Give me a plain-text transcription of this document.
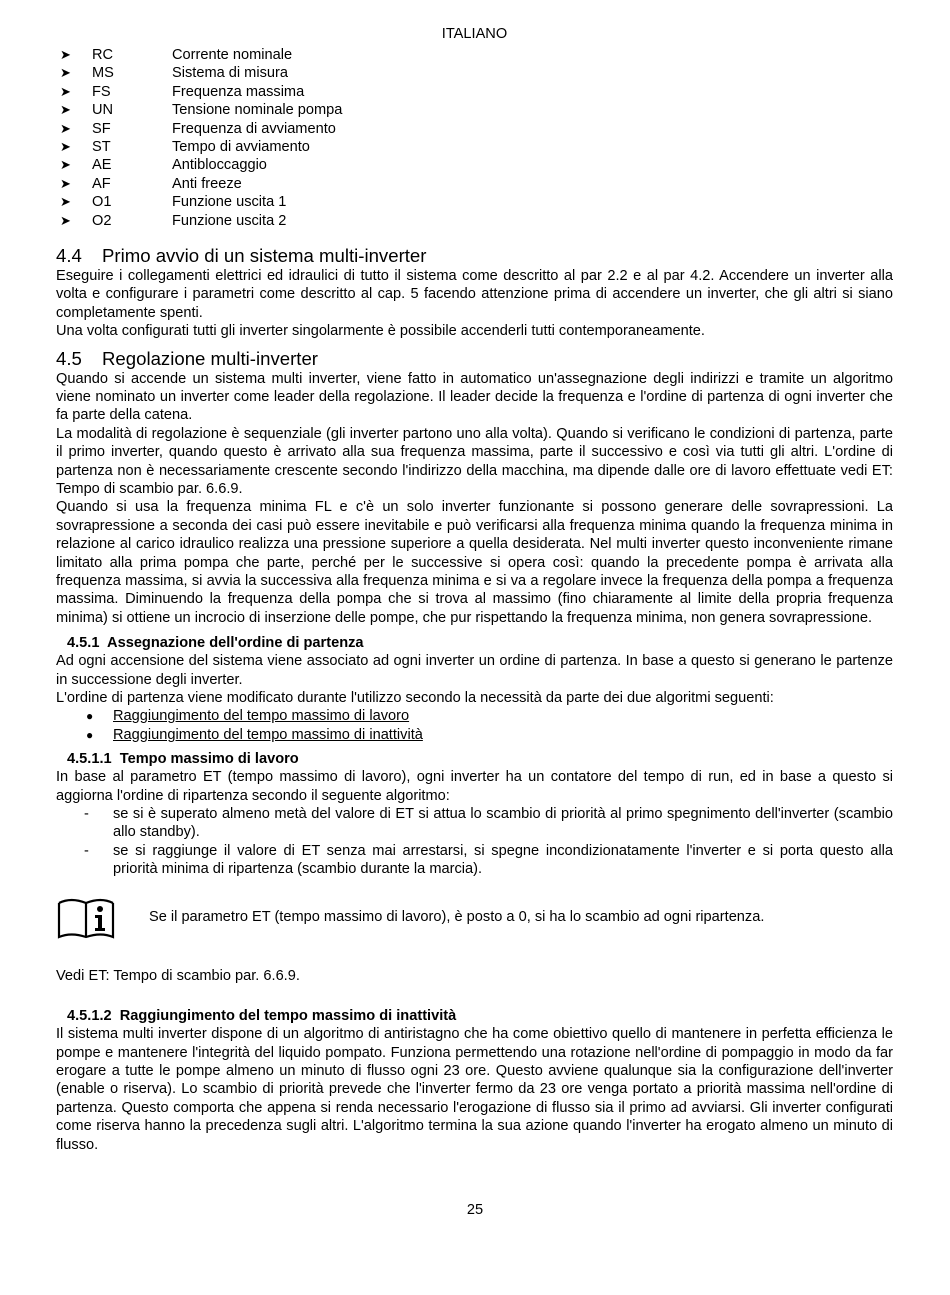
ITALIANO
➤	RC	Corrente nominale
➤	MS	Sistema di misura
➤	FS	Frequenza massima
➤	UN	Tensione nominale pompa
➤	SF	Frequenza di avviamento
➤	ST	Tempo di avviamento
➤	AE	Antibloccaggio
➤	AF	Anti freeze
➤	O1	Funzione uscita 1
➤	O2	Funzione uscita 2
4.4 Primo avvio di un sistema multi-inverter

Eseguire i collegamenti elettrici ed idraulici di tutto il sistema come descritto al par 2.2 e al par 4.2. Accendere un inverter alla volta e configurare i parametri come descritto al cap. 5 facendo attenzione prima di accendere un inverter, che gli altri si siano completamente spenti.

Una volta configurati tutti gli inverter singolarmente è possibile accenderli tutti contemporaneamente.

4.5 Regolazione multi-inverter

Quando si accende un sistema multi inverter, viene fatto in automatico un'assegnazione degli indirizzi e tramite un algoritmo viene nominato un inverter come leader della regolazione. Il leader decide la frequenza e l'ordine di partenza di ogni inverter che fa parte della catena.

La modalità di regolazione è sequenziale (gli inverter partono uno alla volta). Quando si verificano le condizioni di partenza, parte il primo inverter, quando questo è arrivato alla sua frequenza massima, parte il successivo e così via tutti gli altri. L'ordine di partenza non è necessariamente crescente secondo l'indirizzo della macchina, ma dipende dalle ore di lavoro effettuate vedi ET: Tempo di scambio par. 6.6.9.

Quando si usa la frequenza minima FL e c'è un solo inverter funzionante si possono generare delle sovrapressioni. La sovrapressione a seconda dei casi può essere inevitabile e può verificarsi alla frequenza minima quando la frequenza minima in relazione al carico idraulico realizza una pressione superiore a quella desiderata. Nel multi inverter questo inconveniente rimane limitato alla prima pompa che parte, perché per le successive si opera così: quando la precedente pompa è arrivata alla frequenza massima, si avvia la successiva alla frequenza minima e si va a regolare invece la frequenza della pompa a frequenza massima. Diminuendo la frequenza della pompa che si trova al massimo (fino chiaramente al limite della propria frequenza minima) si ottiene un incrocio di inserzione delle pompe, che pur rispettando la frequenza minima, non genera sovrapressione.

4.5.1 Assegnazione dell'ordine di partenza

Ad ogni accensione del sistema viene associato ad ogni inverter un ordine di partenza. In base a questo si generano le partenze in successione degli inverter.

L'ordine di partenza viene modificato durante l'utilizzo secondo la necessità da parte dei due algoritmi seguenti:

●	Raggiungimento del tempo massimo di lavoro
●	Raggiungimento del tempo massimo di inattività
4.5.1.1 Tempo massimo di lavoro

In base al parametro ET (tempo massimo di lavoro), ogni inverter ha un contatore del tempo di run, ed in base a questo si aggiorna l'ordine di ripartenza secondo il seguente algoritmo:

-	se si è superato almeno metà del valore di ET si attua lo scambio di priorità al primo spegnimento dell'inverter (scambio allo standby).
-	se si raggiunge il valore di ET senza mai arrestarsi, si spegne incondizionatamente l'inverter e si porta questo alla priorità minima di ripartenza (scambio durante la marcia).
Se il parametro ET (tempo massimo di lavoro), è posto a 0, si ha lo scambio ad ogni ripartenza.

Vedi ET: Tempo di scambio par. 6.6.9.

4.5.1.2 Raggiungimento del tempo massimo di inattività

Il sistema multi inverter dispone di un algoritmo di antiristagno che ha come obiettivo quello di mantenere in perfetta efficienza le pompe e mantenere l'integrità del liquido pompato. Funziona permettendo una rotazione nell'ordine di pompaggio in modo da far erogare a tutte le pompe almeno un minuto di flusso ogni 23 ore. Questo avviene qualunque sia la configurazione dell'inverter (enable o riserva). Lo scambio di priorità prevede che l'inverter fermo da 23 ore venga portato a priorità massima nell'ordine di partenza. Questo comporta che appena si renda necessario l'erogazione di flusso sia il primo ad avviarsi. Gli inverter configurati come riserva hanno la precedenza sugli altri. L'algoritmo termina la sua azione quando l'inverter ha erogato almeno un minuto di flusso.

25
